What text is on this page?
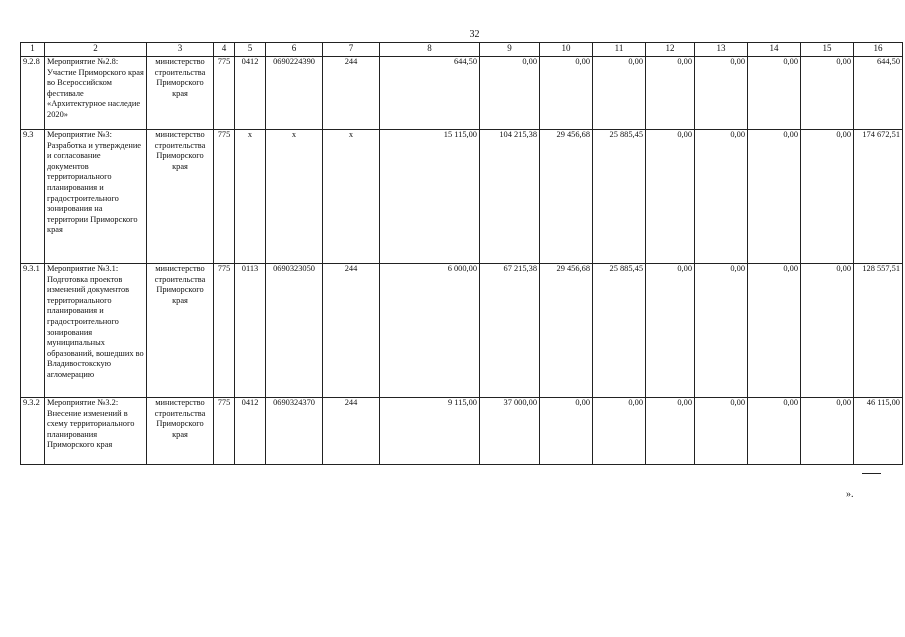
32
1	2	3	4	5	6	7	8	9	10	11	12	13	14	15	16
9.2.8	Мероприятие №2.8: Участие Приморского края во Всероссийском фестивале «Архитектурное наследие 2020»	министерство строительства Приморского края	775	0412	0690224390	244	644,50	0,00	0,00	0,00	0,00	0,00	0,00	0,00	644,50
9.3	Мероприятие №3: Разработка и утверждение и согласование документов территориального планирования и градостроительного зонирования на территории Приморского края	министерство строительства Приморского края	775	х	х	х	15 115,00	104 215,38	29 456,68	25 885,45	0,00	0,00	0,00	0,00	174 672,51
9.3.1	Мероприятие №3.1: Подготовка проектов изменений документов территориального планирования и градостроительного зонирования муниципальных образований, вошедших во Владивостокскую агломерацию	министерство строительства Приморского края	775	0113	0690323050	244	6 000,00	67 215,38	29 456,68	25 885,45	0,00	0,00	0,00	0,00	128 557,51
9.3.2	Мероприятие №3.2: Внесение изменений в схему территориального планирования Приморского края	министерство строительства Приморского края	775	0412	0690324370	244	9 115,00	37 000,00	0,00	0,00	0,00	0,00	0,00	0,00	46 115,00
».
